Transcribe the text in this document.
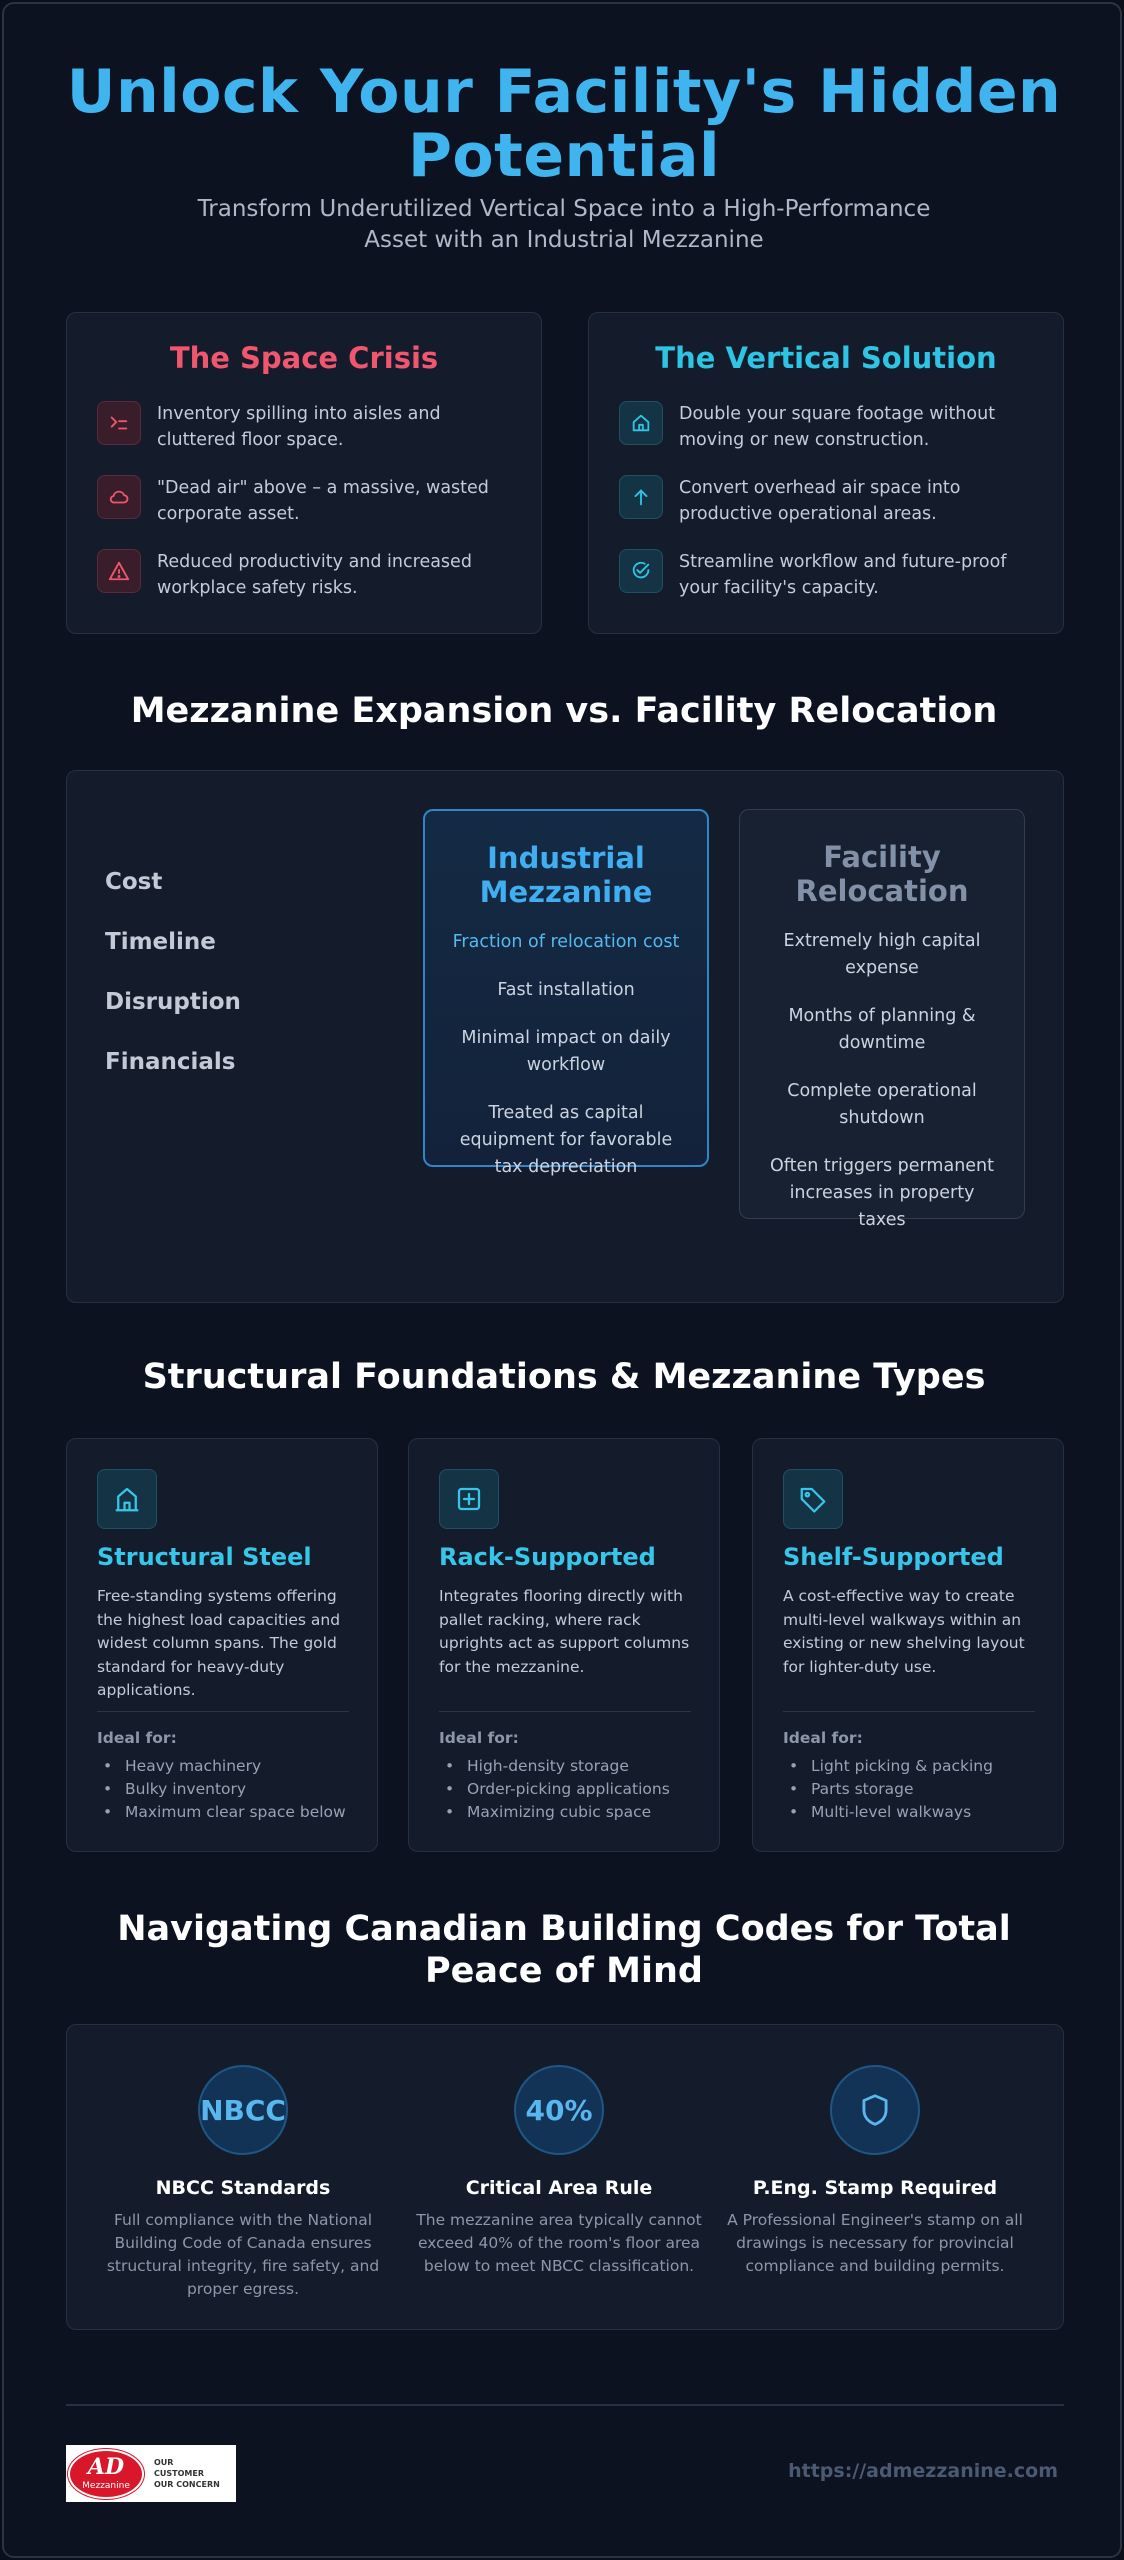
Unlock Your Facility's Hidden Potential
Transform Underutilized Vertical Space into a High-Performance Asset with an Industrial Mezzanine
The Space Crisis

Inventory spilling into aisles and cluttered floor space.

"Dead air" above – a massive, wasted corporate asset.

Reduced productivity and increased workplace safety risks.

The Vertical Solution

Double your square footage without moving or new construction.

Convert overhead air space into productive operational areas.

Streamline workflow and future-proof your facility's capacity.

Mezzanine Expansion vs. Facility Relocation
Cost
Timeline
Disruption
Financials
Industrial Mezzanine
Fraction of relocation cost
Fast installation
Minimal impact on daily workflow
Treated as capital equipment for favorable tax depreciation
Facility Relocation
Extremely high capital expense
Months of planning & downtime
Complete operational shutdown
Often triggers permanent increases in property taxes
Structural Foundations & Mezzanine Types
Structural Steel
Free-standing systems offering the highest load capacities and widest column spans. The gold standard for heavy-duty applications.
Ideal for:
• Heavy machinery
• Bulky inventory
• Maximum clear space below
Rack-Supported
Integrates flooring directly with pallet racking, where rack uprights act as support columns for the mezzanine.
Ideal for:
• High-density storage
• Order-picking applications
• Maximizing cubic space
Shelf-Supported
A cost-effective way to create multi-level walkways within an existing or new shelving layout for lighter-duty use.
Ideal for:
• Light picking & packing
• Parts storage
• Multi-level walkways
Navigating Canadian Building Codes for Total Peace of Mind
NBCC
NBCC Standards

Full compliance with the National Building Code of Canada ensures structural integrity, fire safety, and proper egress.

40%
Critical Area Rule

The mezzanine area typically cannot exceed 40% of the room's floor area below to meet NBCC classification.

P.Eng. Stamp Required

A Professional Engineer's stamp on all drawings is necessary for provincial compliance and building permits.

AD
Mezzanine
OUR CUSTOMER OUR CONCERN
https://admezzanine.com
